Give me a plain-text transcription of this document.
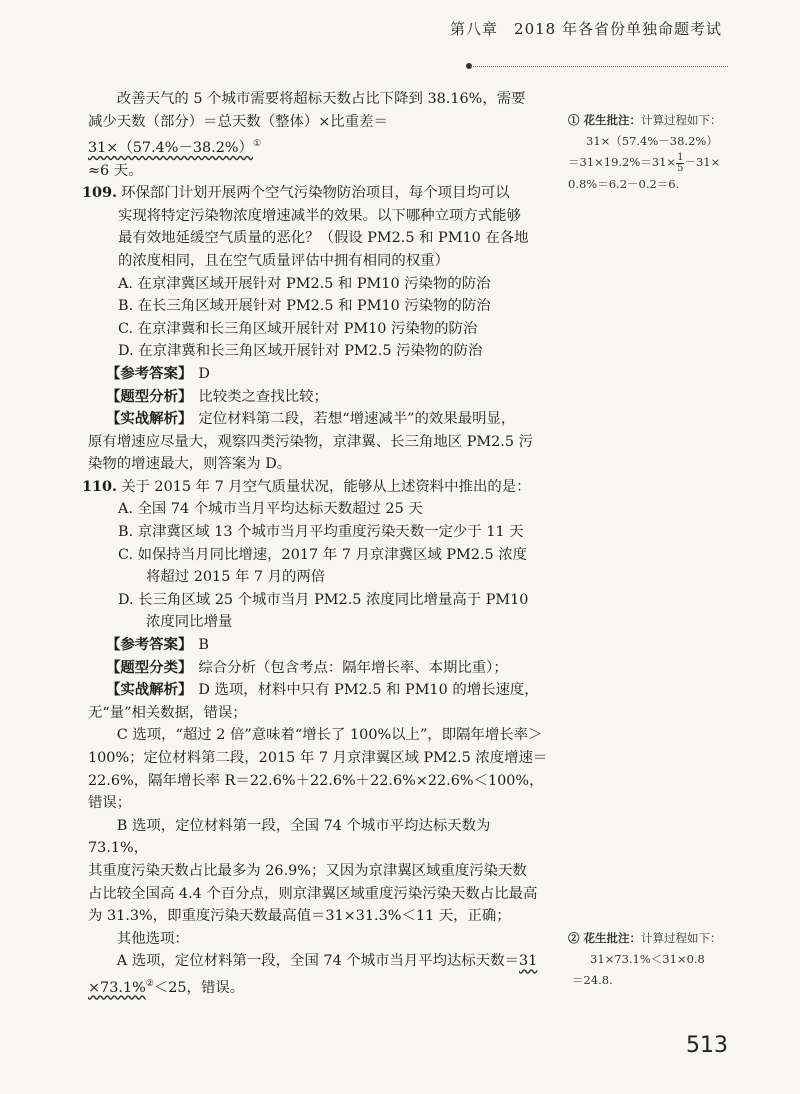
第八章　2018 年各省份单独命题考试

改善天气的 5 个城市需要将超标天数占比下降到 38.16%，需要

减少天数（部分）＝总天数（整体）×比重差＝31×（57.4%－38.2%）①

≈6 天。

109. 环保部门计划开展两个空气污染物防治项目，每个项目均可以

实现将特定污染物浓度增速减半的效果。以下哪种立项方式能够

最有效地延缓空气质量的恶化？（假设 PM2.5 和 PM10 在各地

的浓度相同，且在空气质量评估中拥有相同的权重）

A. 在京津冀区域开展针对 PM2.5 和 PM10 污染物的防治

B. 在长三角区域开展针对 PM2.5 和 PM10 污染物的防治

C. 在京津冀和长三角区域开展针对 PM10 污染物的防治

D. 在京津冀和长三角区域开展针对 PM2.5 污染物的防治

【参考答案】 D

【题型分析】 比较类之查找比较；

【实战解析】 定位材料第二段，若想“增速减半”的效果最明显，

原有增速应尽量大，观察四类污染物，京津翼、长三角地区 PM2.5 污

染物的增速最大，则答案为 D。

110. 关于 2015 年 7 月空气质量状况，能够从上述资料中推出的是：

A. 全国 74 个城市当月平均达标天数超过 25 天

B. 京津冀区域 13 个城市当月平均重度污染天数一定少于 11 天

C. 如保持当月同比增速，2017 年 7 月京津冀区域 PM2.5 浓度

将超过 2015 年 7 月的两倍

D. 长三角区域 25 个城市当月 PM2.5 浓度同比增量高于 PM10

浓度同比增量

【参考答案】 B

【题型分类】 综合分析（包含考点：隔年增长率、本期比重）；

【实战解析】 D 选项，材料中只有 PM2.5 和 PM10 的增长速度，

无“量”相关数据，错误；

C 选项，“超过 2 倍”意味着“增长了 100%以上”，即隔年增长率＞

100%；定位材料第二段，2015 年 7 月京津翼区域 PM2.5 浓度增速＝

22.6%，隔年增长率 R＝22.6%＋22.6%＋22.6%×22.6%＜100%，错误；

B 选项，定位材料第一段，全国 74 个城市平均达标天数为 73.1%，

其重度污染天数占比最多为 26.9%；又因为京津翼区域重度污染天数

占比较全国高 4.4 个百分点，则京津翼区域重度污染污染天数占比最高

为 31.3%，即重度污染天数最高值＝31×31.3%＜11 天，正确；

其他选项：

A 选项，定位材料第一段，全国 74 个城市当月平均达标天数＝31

×73.1%②＜25，错误。

① 花生批注：计算过程如下：

31×（57.4%－38.2%）

$=31\times 19.2\%=31\times \frac{1}{5} -31\times$

0.8%＝6.2－0.2＝6.

② 花生批注：计算过程如下：

31×73.1%＜31×0.8

＝24.8.

513
